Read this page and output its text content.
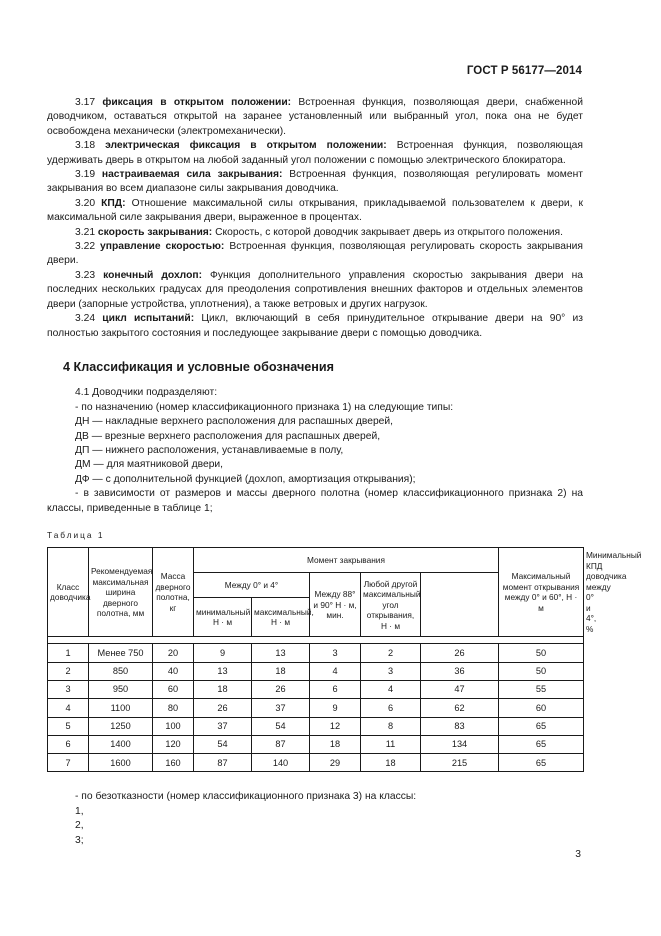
ГОСТ Р 56177—2014

3.17 фиксация в открытом положении: Встроенная функция, позволяющая двери, снабженной доводчиком, оставаться открытой на заранее установленный или выбранный угол, пока она не будет освобождена механически (электромеханически).

3.18 электрическая фиксация в открытом положении: Встроенная функция, позволяющая удерживать дверь в открытом на любой заданный угол положении с помощью электрического блокиратора.

3.19 настраиваемая сила закрывания: Встроенная функция, позволяющая регулировать момент закрывания во всем диапазоне силы закрывания доводчика.

3.20 КПД: Отношение максимальной силы открывания, прикладываемой пользователем к двери, к максимальной силе закрывания двери, выраженное в процентах.

3.21 скорость закрывания: Скорость, с которой доводчик закрывает дверь из открытого положения.

3.22 управление скоростью: Встроенная функция, позволяющая регулировать скорость закрывания двери.

3.23 конечный дохлоп: Функция дополнительного управления скоростью закрывания двери на последних нескольких градусах для преодоления сопротивления внешних факторов и отдельных элементов двери (запорные устройства, уплотнения), а также ветровых и других нагрузок.

3.24 цикл испытаний: Цикл, включающий в себя принудительное открывание двери на 90° из полностью закрытого состояния и последующее закрывание двери с помощью доводчика.

4 Классификация и условные обозначения

4.1 Доводчики подразделяют:

- по назначению (номер классификационного признака 1) на следующие типы:

ДН — накладные верхнего расположения для распашных дверей,

ДВ — врезные верхнего расположения для распашных дверей,

ДП — нижнего расположения, устанавливаемые в полу,

ДМ — для маятниковой двери,

ДФ — с дополнительной функцией (дохлоп, амортизация открывания);

- в зависимости от размеров и массы дверного полотна (номер классификационного признака 2) на классы, приведенные в таблице 1;

Таблица 1
Класс доводчика	Рекомендуемая максимальная ширина дверного полотна, мм	Масса дверного полотна, кг	Момент закрывания					Максимальный момент открывания между 0° и 60°, Н · м	Минимальный КПД доводчика между 0° и 4°, %
			Между 0° и 4°		Между 88° и 90° Н · м, мин.	Любой другой максимальный угол открывания, Н · м			
			минимальный, Н · м	максимальный, Н · м					

1	Менее 750	20	9	13	3	2	26	50	
2	850	40	13	18	4	3	36	50	
3	950	60	18	26	6	4	47	55	
4	1100	80	26	37	9	6	62	60	
5	1250	100	37	54	12	8	83	65	
6	1400	120	54	87	18	11	134	65	
7	1600	160	87	140	29	18	215	65	

- по безотказности (номер классификационного признака 3) на классы:

1,

2,

3;

3
